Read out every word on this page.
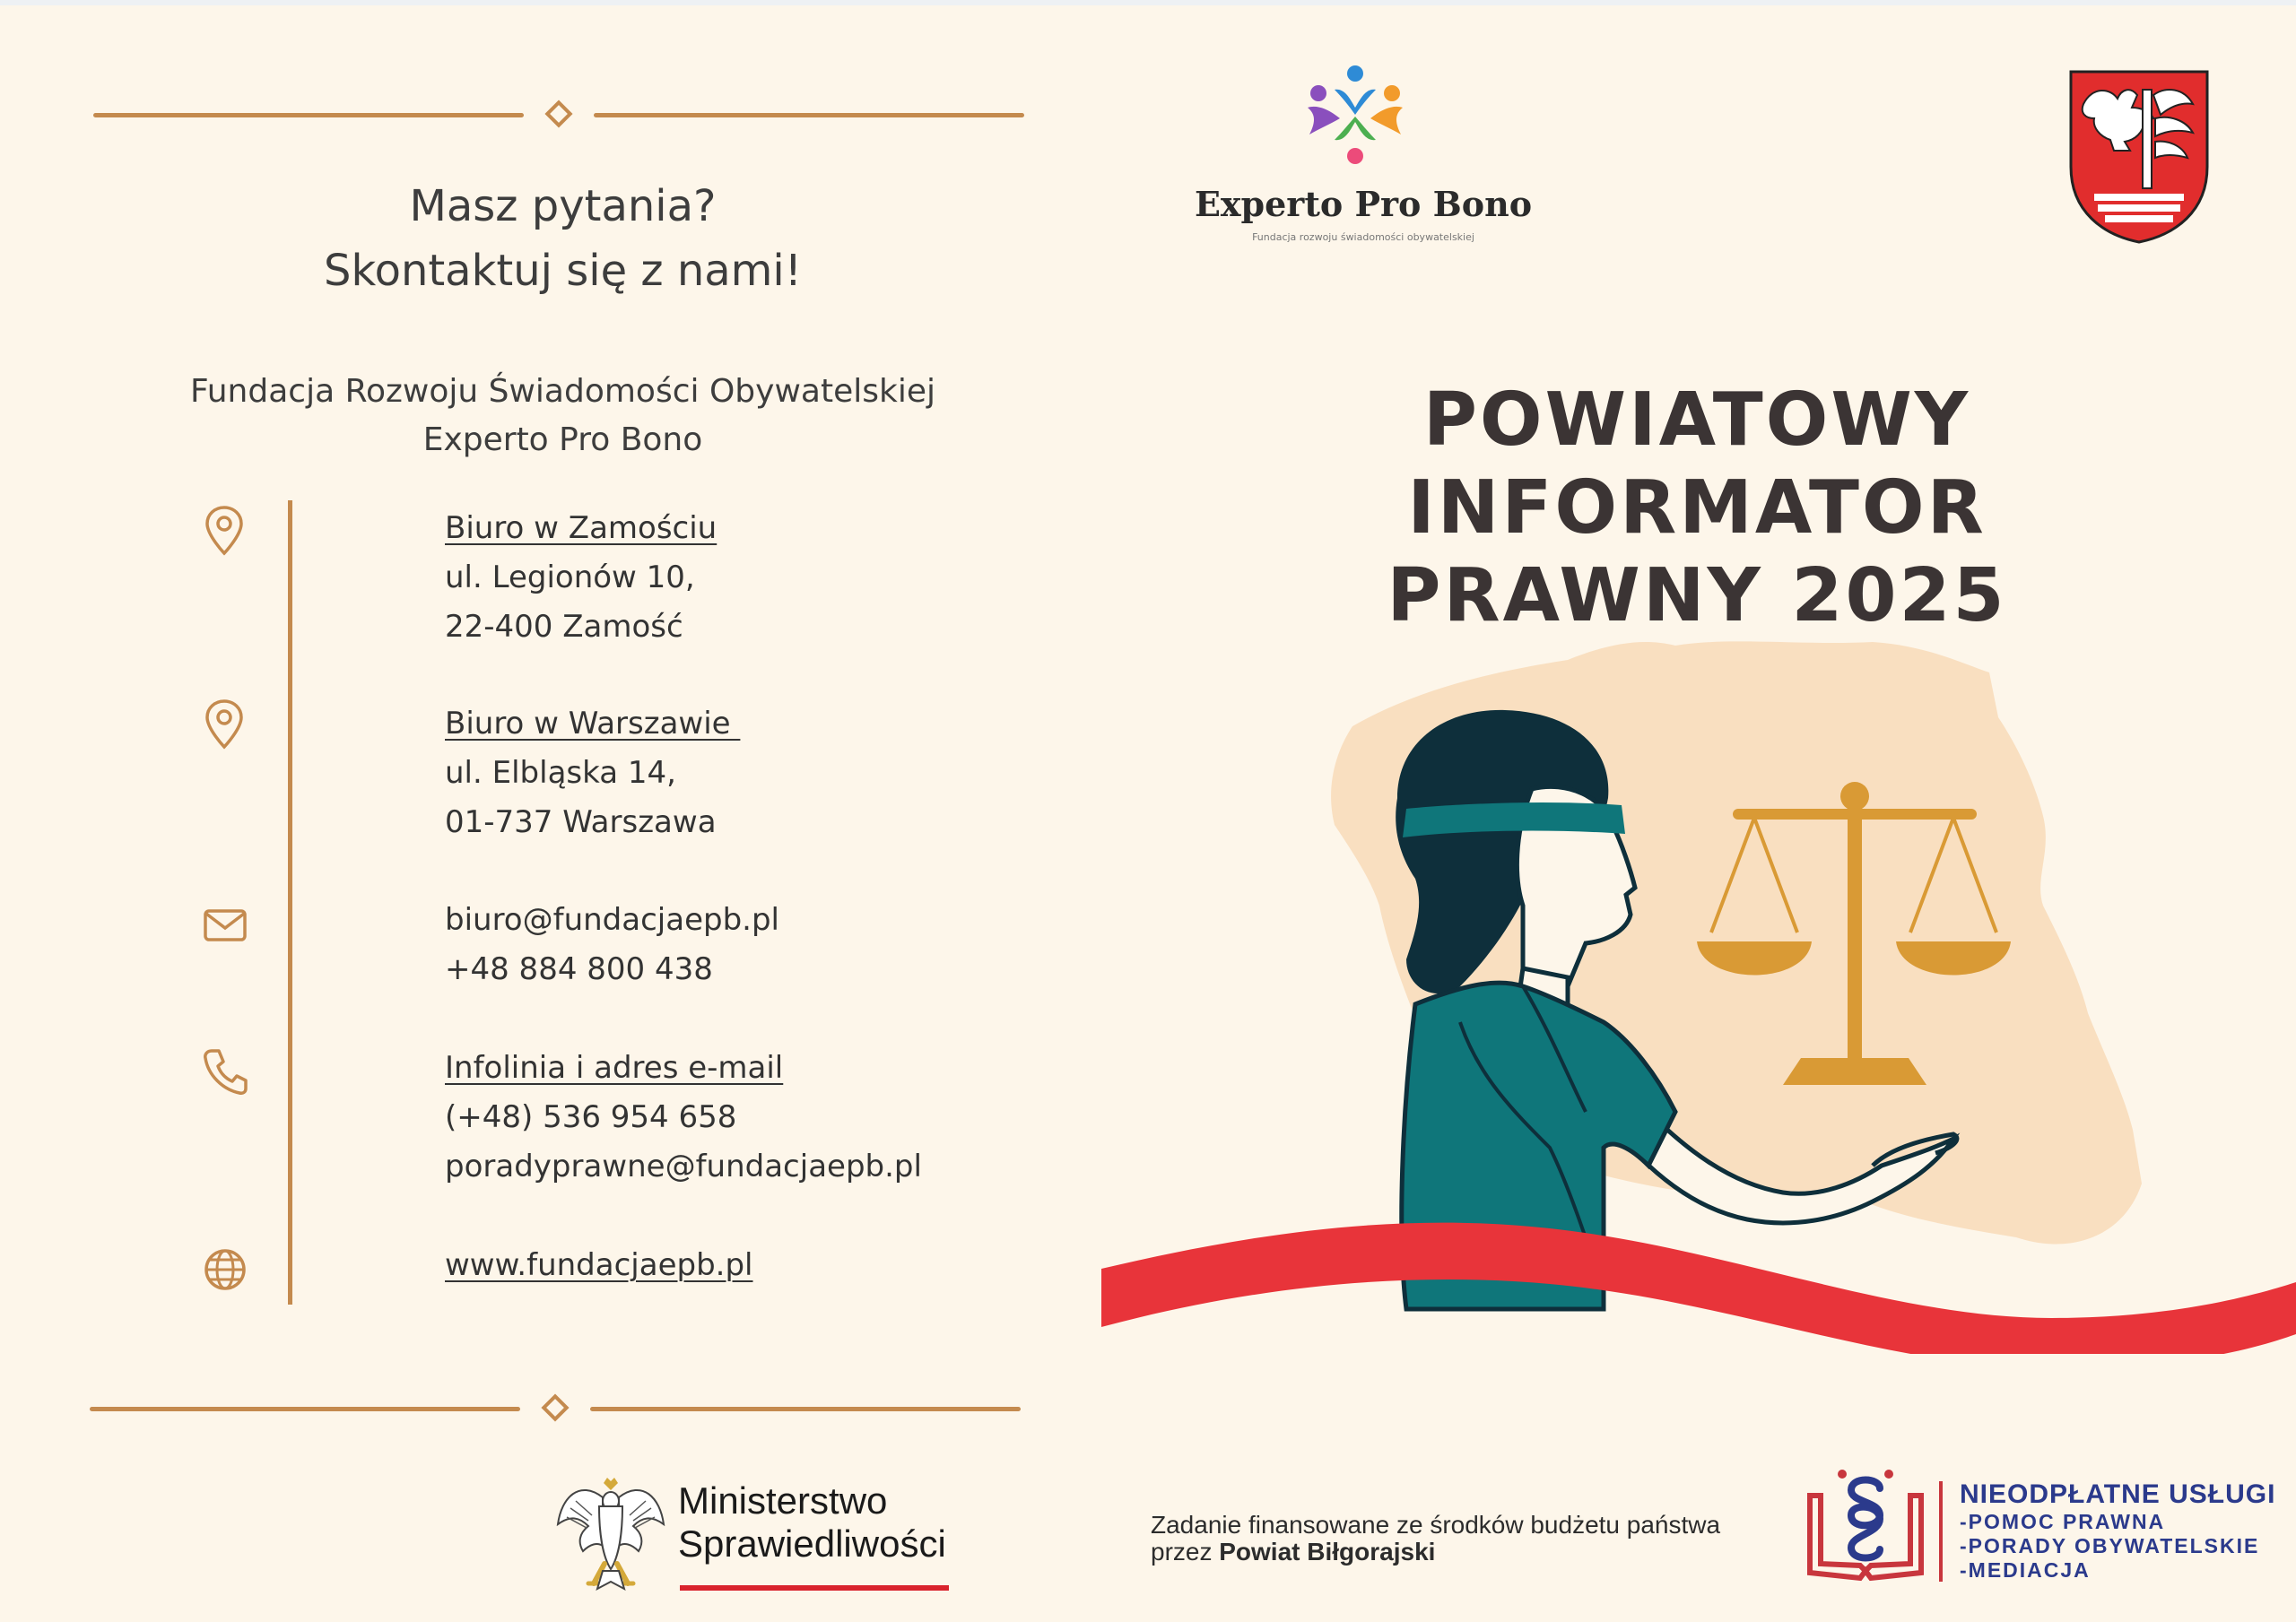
Masz pytania?
Skontaktuj się z nami!
Fundacja Rozwoju Świadomości Obywatelskiej
Experto Pro Bono
Biuro w Zamościu
ul. Legionów 10,
22-400 Zamość
Biuro w Warszawie
ul. Elbląska 14,
01-737 Warszawa
biuro@fundacjaepb.pl
+48 884 800 438
Infolinia i adres e-mail
(+48) 536 954 658
poradyprawne@fundacjaepb.pl
www.fundacjaepb.pl
Ministerstwo
Sprawiedliwości
Experto Pro Bono
Fundacja rozwoju świadomości obywatelskiej
POWIATOWY INFORMATOR
PRAWNY 2025
Zadanie finansowane ze środków budżetu państwa
przez Powiat Biłgorajski
NIEODPŁATNE USŁUGI
-POMOC PRAWNA
-PORADY OBYWATELSKIE
-MEDIACJA
